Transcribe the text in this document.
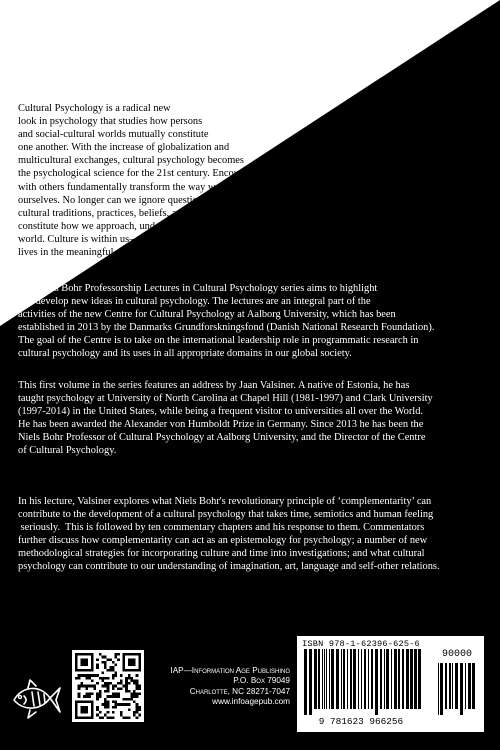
Cultural Psychology is a radical new
look in psychology that studies how persons
and social-cultural worlds mutually constitute
one another. With the increase of globalization and
multicultural exchanges, cultural psychology becomes
the psychological science for the 21st century. Encounters
with others fundamentally transform the way we understand
ourselves. No longer can we ignore questions about how our
cultural traditions, practices, beliefs, artifacts and other people
constitute how we approach, understand, imagine and remember the
world. Culture is within us—in every moment in which we live our human
lives in the meaningful worlds we have created ourselves.
The Niels Bohr Professorship Lectures in Cultural Psychology series aims to highlight
and develop new ideas in cultural psychology. The lectures are an integral part of the
activities of the new Centre for Cultural Psychology at Aalborg University, which has been
established in 2013 by the Danmarks Grundforskningsfond (Danish National Research Foundation).
The goal of the Centre is to take on the international leadership role in programmatic research in
cultural psychology and its uses in all appropriate domains in our global society.
This first volume in the series features an address by Jaan Valsiner. A native of Estonia, he has
taught psychology at University of North Carolina at Chapel Hill (1981-1997) and Clark University
(1997-2014) in the United States, while being a frequent visitor to universities all over the World.
He has been awarded the Alexander von Humboldt Prize in Germany. Since 2013 he has been the
Niels Bohr Professor of Cultural Psychology at Aalborg University, and the Director of the Centre
of Cultural Psychology.
In his lecture, Valsiner explores what Niels Bohr's revolutionary principle of ‘complementarity’ can
contribute to the development of a cultural psychology that takes time, semiotics and human feeling
seriously.  This is followed by ten commentary chapters and his response to them. Commentators
further discuss how complementarity can act as an epistemology for psychology; a number of new
methodological strategies for incorporating culture and time into investigations; and what cultural
psychology can contribute to our understanding of imagination, art, language and self-other relations.
IAP—Information Age Publishing
P.O. Box 79049
Charlotte, NC 28271-7047
www.infoagepub.com
ISBN 978-1-62396-625-6
90000
9 781623 966256
